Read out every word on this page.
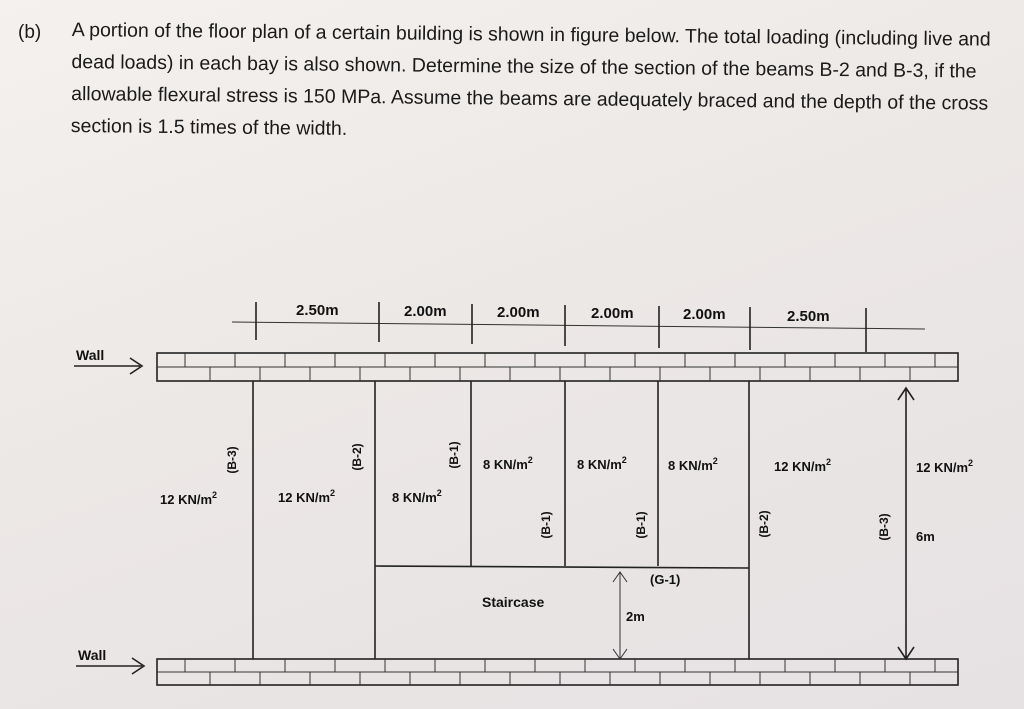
(b) A portion of the floor plan of a certain building is shown in figure below. The total loading (including live and dead loads) in each bay is also shown. Determine the size of the section of the beams B-2 and B-3, if the allowable flexural stress is 150 MPa. Assume the beams are adequately braced and the depth of the cross section is 1.5 times of the width.
2.50m	2.00m	2.00m	2.00m	2.00m	2.50m
Wall
Wall
6m
2m
(B-3)	(B-2)	(B-1)
(B-1)	(B-1)	(B-2)	(B-3)
12 $KN/m^2$	12 $KN/m^2$	8 $KN/m^2$
8 $KN/m^2$	8 $KN/m^2$	8 $KN/m^2$	12 $KN/m^2$	12 $KN/m^2$
(G-1)
Staircase
